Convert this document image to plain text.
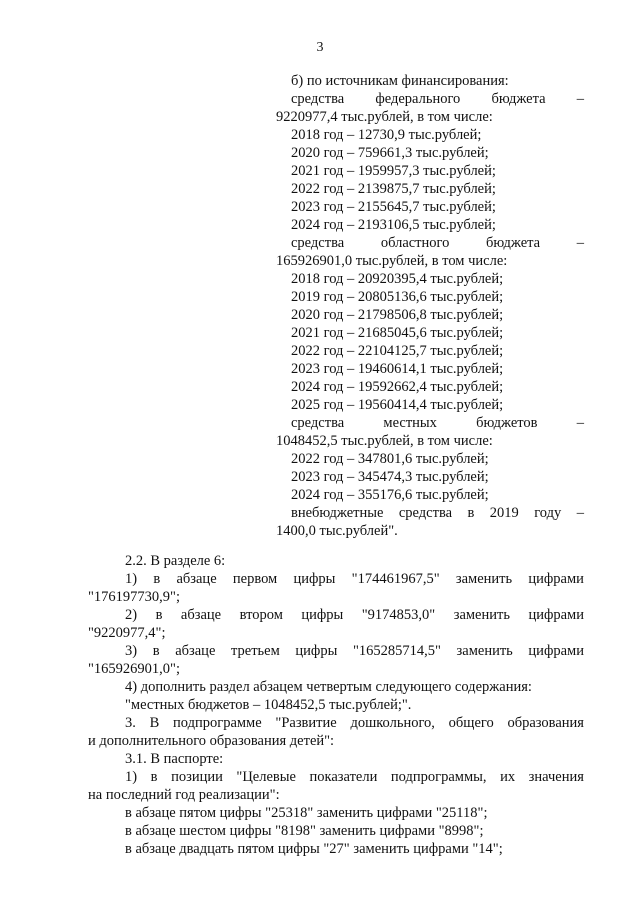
3
б) по источникам финансирования:
средства федерального бюджета –
9220977,4 тыс.рублей, в том числе:
2018 год – 12730,9 тыс.рублей;
2020 год – 759661,3 тыс.рублей;
2021 год – 1959957,3 тыс.рублей;
2022 год – 2139875,7 тыс.рублей;
2023 год – 2155645,7 тыс.рублей;
2024 год – 2193106,5 тыс.рублей;
средства	областного	бюджета	–
165926901,0 тыс.рублей, в том числе:
2018 год – 20920395,4 тыс.рублей;
2019 год – 20805136,6 тыс.рублей;
2020 год – 21798506,8 тыс.рублей;
2021 год – 21685045,6 тыс.рублей;
2022 год – 22104125,7 тыс.рублей;
2023 год – 19460614,1 тыс.рублей;
2024 год – 19592662,4 тыс.рублей;
2025 год – 19560414,4 тыс.рублей;
средства	местных	бюджетов	–
1048452,5 тыс.рублей, в том числе:
2022 год – 347801,6 тыс.рублей;
2023 год – 345474,3 тыс.рублей;
2024 год – 355176,6 тыс.рублей;
внебюджетные средства в 2019 году –
1400,0 тыс.рублей".
2.2. В разделе 6:
1) в абзаце первом цифры "174461967,5" заменить цифрами
"176197730,9";
2) в абзаце втором цифры "9174853,0" заменить цифрами
"9220977,4";
3) в абзаце третьем цифры "165285714,5" заменить цифрами
"165926901,0";
4) дополнить раздел абзацем четвертым следующего содержания:
"местных бюджетов – 1048452,5 тыс.рублей;".
3. В подпрограмме "Развитие дошкольного, общего образования
и дополнительного образования детей":
3.1. В паспорте:
1) в позиции "Целевые показатели подпрограммы, их значения
на последний год реализации":
в абзаце пятом цифры "25318" заменить цифрами "25118";
в абзаце шестом цифры "8198" заменить цифрами "8998";
в абзаце двадцать пятом цифры "27" заменить цифрами "14";
